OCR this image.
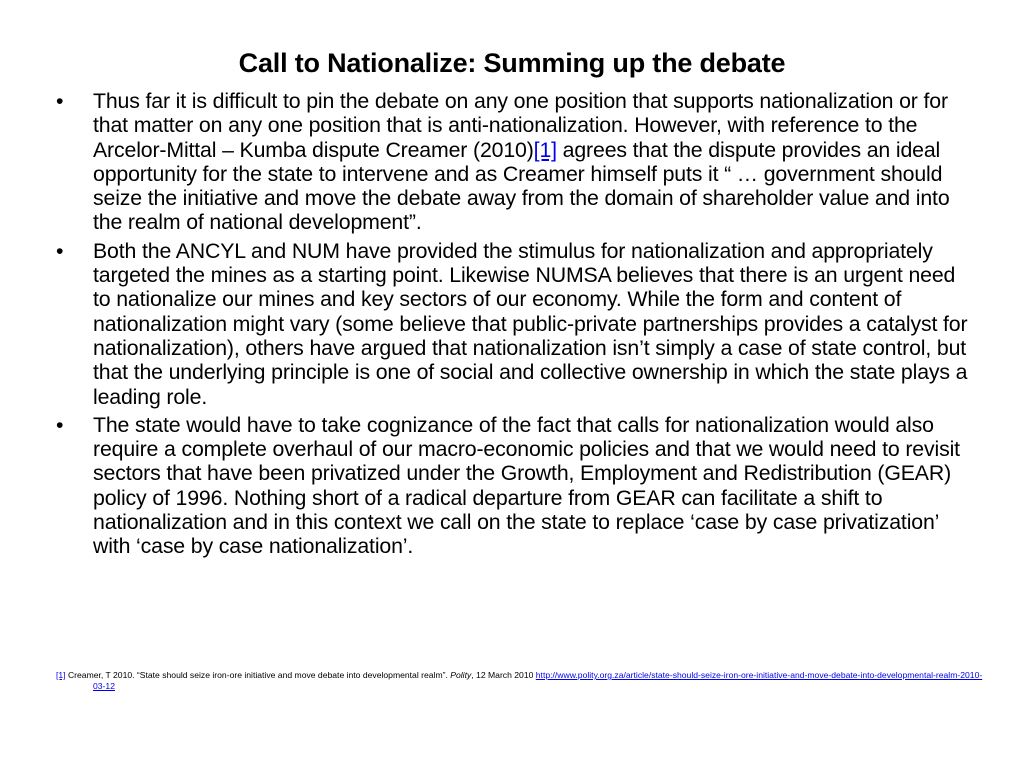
Call to Nationalize: Summing up the debate
• Thus far it is difficult to pin the debate on any one position that supports nationalization or for that matter on any one position that is anti-nationalization. However, with reference to the Arcelor-Mittal – Kumba dispute Creamer (2010)[1] agrees that the dispute provides an ideal opportunity for the state to intervene and as Creamer himself puts it “ … government should seize the initiative and move the debate away from the domain of shareholder value and into the realm of national development”.
• Both the ANCYL and NUM have provided the stimulus for nationalization and appropriately targeted the mines as a starting point. Likewise NUMSA believes that there is an urgent need to nationalize our mines and key sectors of our economy. While the form and content of nationalization might vary (some believe that public-private partnerships provides a catalyst for nationalization), others have argued that nationalization isn’t simply a case of state control, but that the underlying principle is one of social and collective ownership in which the state plays a leading role.
• The state would have to take cognizance of the fact that calls for nationalization would also require a complete overhaul of our macro-economic policies and that we would need to revisit sectors that have been privatized under the Growth, Employment and Redistribution (GEAR) policy of 1996. Nothing short of a radical departure from GEAR can facilitate a shift to nationalization and in this context we call on the state to replace ‘case by case privatization’ with ‘case by case nationalization’.
[1] Creamer, T 2010. “State should seize iron-ore initiative and move debate into developmental realm”. Polity, 12 March 2010 http://www.polity.org.za/article/state-should-seize-iron-ore-initiative-and-move-debate-into-developmental-realm-2010-03-12
